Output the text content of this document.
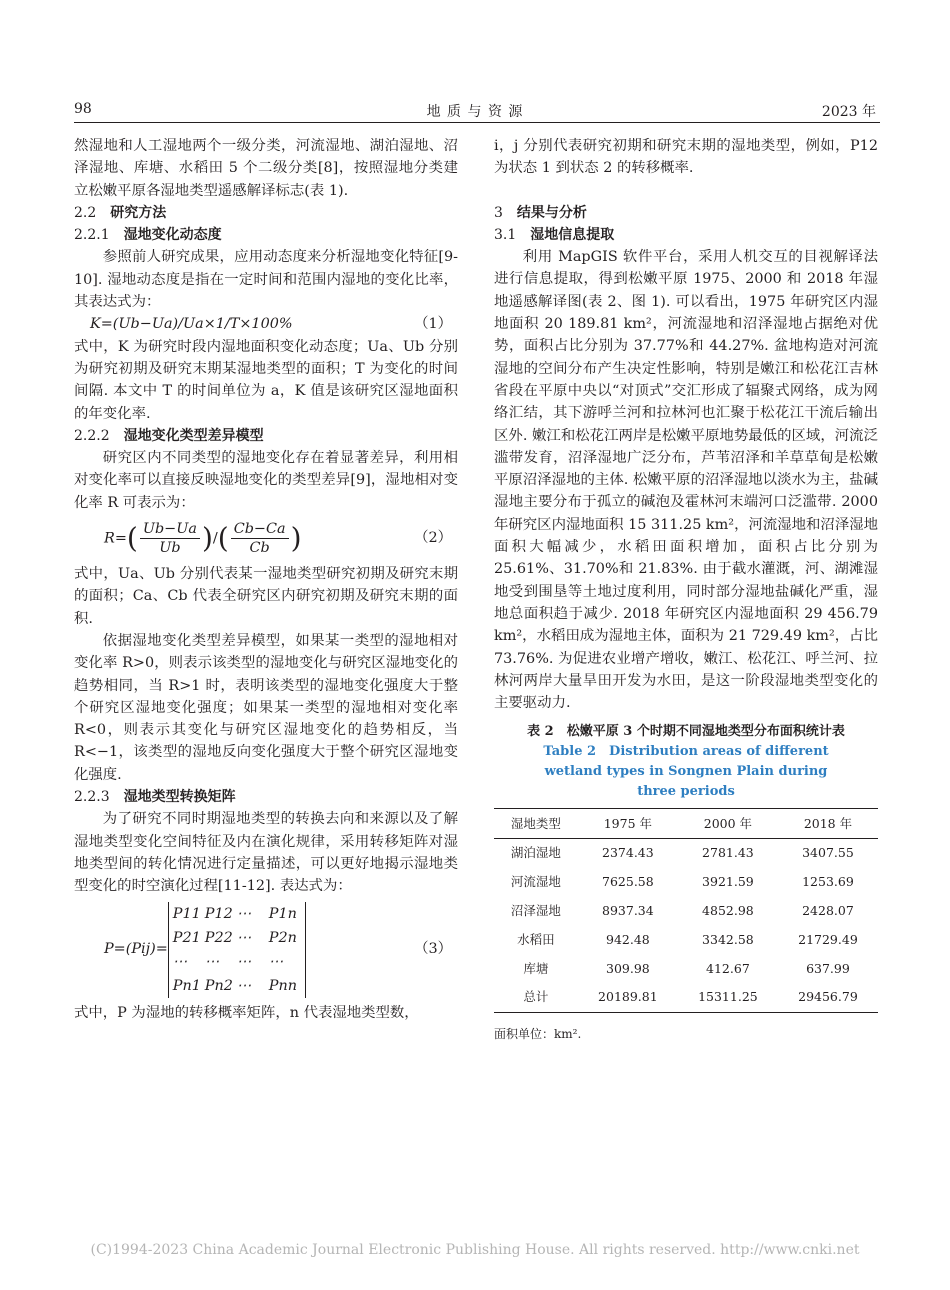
98	地 质 与 资 源	2023 年

然湿地和人工湿地两个一级分类，河流湿地、湖泊湿地、沼泽湿地、库塘、水稻田 5 个二级分类[8]，按照湿地分类建立松嫩平原各湿地类型遥感解译标志(表 1).

2.2 研究方法
2.2.1 湿地变化动态度

参照前人研究成果，应用动态度来分析湿地变化特征[9-10]. 湿地动态度是指在一定时间和范围内湿地的变化比率，其表达式为：

K=(Ub−Ua)/Ua×1/T×100%	（1）

式中，K 为研究时段内湿地面积变化动态度；Ua、Ub 分别为研究初期及研究末期某湿地类型的面积；T 为变化的时间间隔. 本文中 T 的时间单位为 a，K 值是该研究区湿地面积的年变化率.

2.2.2 湿地变化类型差异模型

研究区内不同类型的湿地变化存在着显著差异，利用相对变化率可以直接反映湿地变化的类型差异[9]，湿地相对变化率 R 可表示为：

$R=( \frac{Ub-Ua}{Ub}$ )/( $\frac{Cb-Ca}{Cb}$ )	（2）

式中，Ua、Ub 分别代表某一湿地类型研究初期及研究末期的面积；Ca、Cb 代表全研究区内研究初期及研究末期的面积.

依据湿地变化类型差异模型，如果某一类型的湿地相对变化率 R>0，则表示该类型的湿地变化与研究区湿地变化的趋势相同，当 R>1 时，表明该类型的湿地变化强度大于整个研究区湿地变化强度；如果某一类型的湿地相对变化率 R<0，则表示其变化与研究区湿地变化的趋势相反，当 R<−1，该类型的湿地反向变化强度大于整个研究区湿地变化强度.

2.2.3 湿地类型转换矩阵

为了研究不同时期湿地类型的转换去向和来源以及了解湿地类型变化空间特征及内在演化规律，采用转移矩阵对湿地类型间的转化情况进行定量描述，可以更好地揭示湿地类型变化的时空演化过程[11-12]. 表达式为：

P=(Pij)=
P11 P12 ⋯	P1n
P21 P22 ⋯	P2n
⋯	⋯	⋯	⋯
Pn1 Pn2 ⋯	Pnn
（3）

式中，P 为湿地的转移概率矩阵，n 代表湿地类型数，

i，j 分别代表研究初期和研究末期的湿地类型，例如，P12 为状态 1 到状态 2 的转移概率.

3 结果与分析
3.1 湿地信息提取

利用 MapGIS 软件平台，采用人机交互的目视解译法进行信息提取，得到松嫩平原 1975、2000 和 2018 年湿地遥感解译图(表 2、图 1). 可以看出，1975 年研究区内湿地面积 20 189.81 km²，河流湿地和沼泽湿地占据绝对优势，面积占比分别为 37.77%和 44.27%. 盆地构造对河流湿地的空间分布产生决定性影响，特别是嫩江和松花江吉林省段在平原中央以“对顶式”交汇形成了辐聚式网络，成为网络汇结，其下游呼兰河和拉林河也汇聚于松花江干流后输出区外. 嫩江和松花江两岸是松嫩平原地势最低的区域，河流泛滥带发育，沼泽湿地广泛分布，芦苇沼泽和羊草草甸是松嫩平原沼泽湿地的主体. 松嫩平原的沼泽湿地以淡水为主，盐碱湿地主要分布于孤立的碱泡及霍林河末端河口泛滥带. 2000 年研究区内湿地面积 15 311.25 km²，河流湿地和沼泽湿地面积大幅减少，水稻田面积增加，面积占比分别为 25.61%、31.70%和 21.83%. 由于截水灌溉，河、湖滩湿地受到围垦等土地过度利用，同时部分湿地盐碱化严重，湿地总面积趋于减少. 2018 年研究区内湿地面积 29 456.79 km²，水稻田成为湿地主体，面积为 21 729.49 km²，占比 73.76%. 为促进农业增产增收，嫩江、松花江、呼兰河、拉林河两岸大量旱田开发为水田，是这一阶段湿地类型变化的主要驱动力.

表 2　松嫩平原 3 个时期不同湿地类型分布面积统计表
Table 2　Distribution areas of different wetland types in Songnen Plain during three periods
湿地类型	1975 年	2000 年	2018 年
湖泊湿地	2374.43	2781.43	3407.55
河流湿地	7625.58	3921.59	1253.69
沼泽湿地	8937.34	4852.98	2428.07
水稻田	942.48	3342.58	21729.49
库塘	309.98	412.67	637.99
总计	20189.81	15311.25	29456.79
面积单位：km².
(C)1994-2023 China Academic Journal Electronic Publishing House. All rights reserved. http://www.cnki.net
